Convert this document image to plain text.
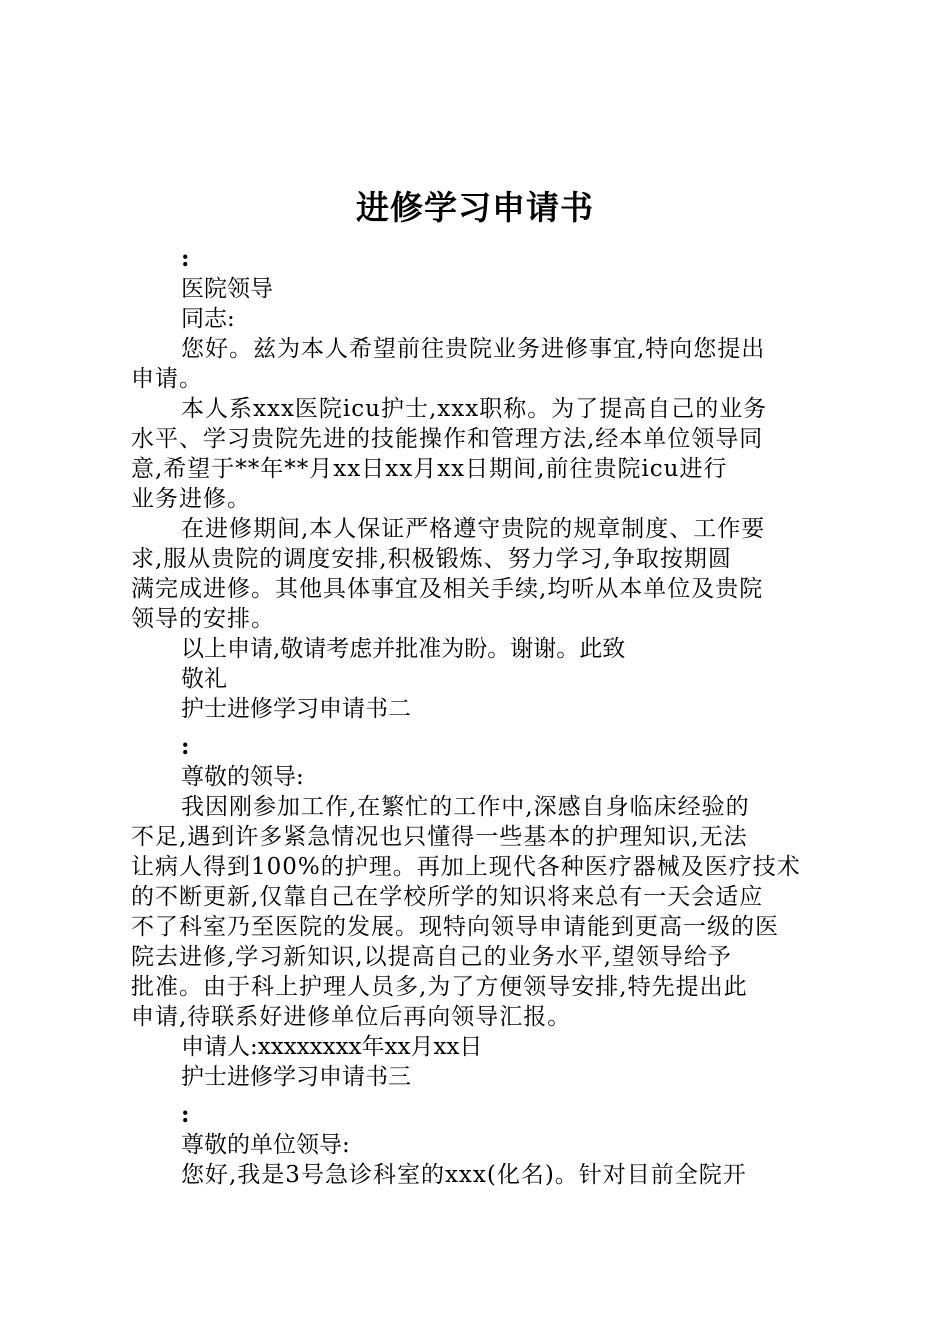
进修学习申请书
:
医院领导
同志:
您好。兹为本人希望前往贵院业务进修事宜,特向您提出
申请。
本人系xxx医院icu护士,xxx职称。为了提高自己的业务
水平、学习贵院先进的技能操作和管理方法,经本单位领导同
意,希望于**年**月xx日xx月xx日期间,前往贵院icu进行
业务进修。
在进修期间,本人保证严格遵守贵院的规章制度、工作要
求,服从贵院的调度安排,积极锻炼、努力学习,争取按期圆
满完成进修。其他具体事宜及相关手续,均听从本单位及贵院
领导的安排。
以上申请,敬请考虑并批准为盼。谢谢。此致
敬礼
护士进修学习申请书二
:
尊敬的领导:
我因刚参加工作,在繁忙的工作中,深感自身临床经验的
不足,遇到许多紧急情况也只懂得一些基本的护理知识,无法
让病人得到100%的护理。再加上现代各种医疗器械及医疗技术
的不断更新,仅靠自己在学校所学的知识将来总有一天会适应
不了科室乃至医院的发展。现特向领导申请能到更高一级的医
院去进修,学习新知识,以提高自己的业务水平,望领导给予
批准。由于科上护理人员多,为了方便领导安排,特先提出此
申请,待联系好进修单位后再向领导汇报。
申请人:xxxxxxxx年xx月xx日
护士进修学习申请书三
:
尊敬的单位领导:
您好,我是3号急诊科室的xxx(化名)。针对目前全院开
